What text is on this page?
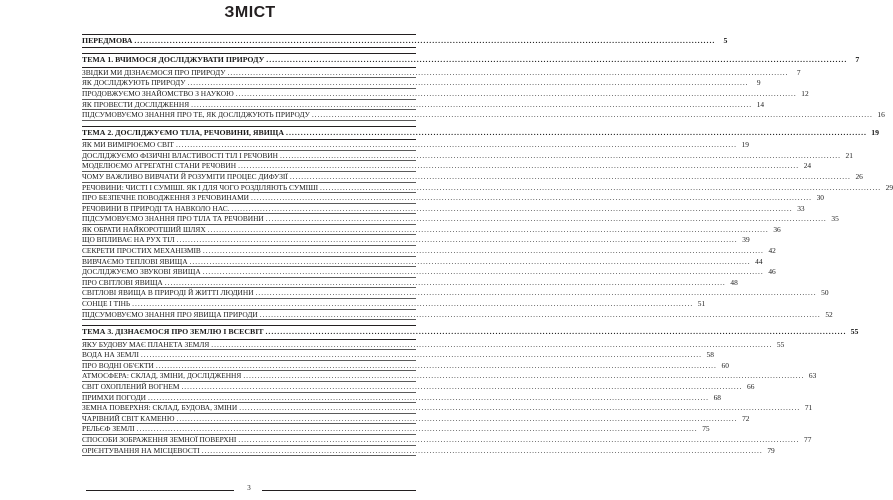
ЗМІСТ
ПЕРЕДМОВА .....	5
ТЕМА 1. ВЧИМОСЯ ДОСЛІДЖУВАТИ ПРИРОДУ .....	7
ЗВІДКИ МИ ДІЗНАЄМОСЯ ПРО ПРИРОДУ .....	7
ЯК ДОСЛІДЖУЮТЬ ПРИРОДУ .....	9
ПРОДОВЖУЄМО ЗНАЙОМСТВО З НАУКОЮ .....	12
ЯК ПРОВЕСТИ ДОСЛІДЖЕННЯ .....	14
ПІДСУМОВУЄМО ЗНАННЯ ПРО ТЕ, ЯК ДОСЛІДЖУЮТЬ ПРИРОДУ .....	16
ТЕМА 2. ДОСЛІДЖУЄМО ТІЛА, РЕЧОВИНИ, ЯВИЩА .....	19
ЯК МИ ВИМІРЮЄМО СВІТ .....	19
ДОСЛІДЖУЄМО ФІЗИЧНІ ВЛАСТИВОСТІ ТІЛ І РЕЧОВИН .....	21
МОДЕЛЮЄМО АГРЕГАТНІ СТАНИ РЕЧОВИН .....	24
ЧОМУ ВАЖЛИВО ВИВЧАТИ Й РОЗУМІТИ ПРОЦЕС ДИФУЗІЇ .....	26
РЕЧОВИНИ: ЧИСТІ І СУМІШІ. ЯК І ДЛЯ ЧОГО РОЗДІЛЯЮТЬ СУМІШІ .....	29
ПРО БЕЗПЕЧНЕ ПОВОДЖЕННЯ З РЕЧОВИНАМИ .....	30
РЕЧОВИНИ В ПРИРОДІ ТА НАВКОЛО НАС. .....	33
ПІДСУМОВУЄМО ЗНАННЯ ПРО ТІЛА ТА РЕЧОВИНИ .....	35
ЯК ОБРАТИ НАЙКОРОТШИЙ ШЛЯХ .....	36
ЩО ВПЛИВАЄ НА РУХ ТІЛ .....	39
СЕКРЕТИ ПРОСТИХ МЕХАНІЗМІВ .....	42
ВИВЧАЄМО ТЕПЛОВІ ЯВИЩА .....	44
ДОСЛІДЖУЄМО ЗВУКОВІ ЯВИЩА .....	46
ПРО СВІТЛОВІ ЯВИЩА .....	48
СВІТЛОВІ ЯВИЩА В ПРИРОДІ Й ЖИТТІ ЛЮДИНИ .....	50
СОНЦЕ І ТІНЬ .....	51
ПІДСУМОВУЄМО ЗНАННЯ ПРО ЯВИЩА ПРИРОДИ .....	52
ТЕМА 3. ДІЗНАЄМОСЯ ПРО ЗЕМЛЮ І ВСЕСВІТ .....	55
ЯКУ БУДОВУ МАЄ ПЛАНЕТА ЗЕМЛЯ .....	55
ВОДА НА ЗЕМЛІ .....	58
ПРО ВОДНІ ОБ'ЄКТИ .....	60
АТМОСФЕРА: СКЛАД, ЗМІНИ, ДОСЛІДЖЕННЯ .....	63
СВІТ ОХОПЛЕНИЙ ВОГНЕМ .....	66
ПРИМХИ ПОГОДИ .....	68
ЗЕМНА ПОВЕРХНЯ: СКЛАД, БУДОВА, ЗМІНИ .....	71
ЧАРІВНИЙ СВІТ КАМЕНЮ .....	72
РЕЛЬЄФ ЗЕМЛІ .....	75
СПОСОБИ ЗОБРАЖЕННЯ ЗЕМНОЇ ПОВЕРХНІ .....	77
ОРІЄНТУВАННЯ НА МІСЦЕВОСТІ .....	79
3
